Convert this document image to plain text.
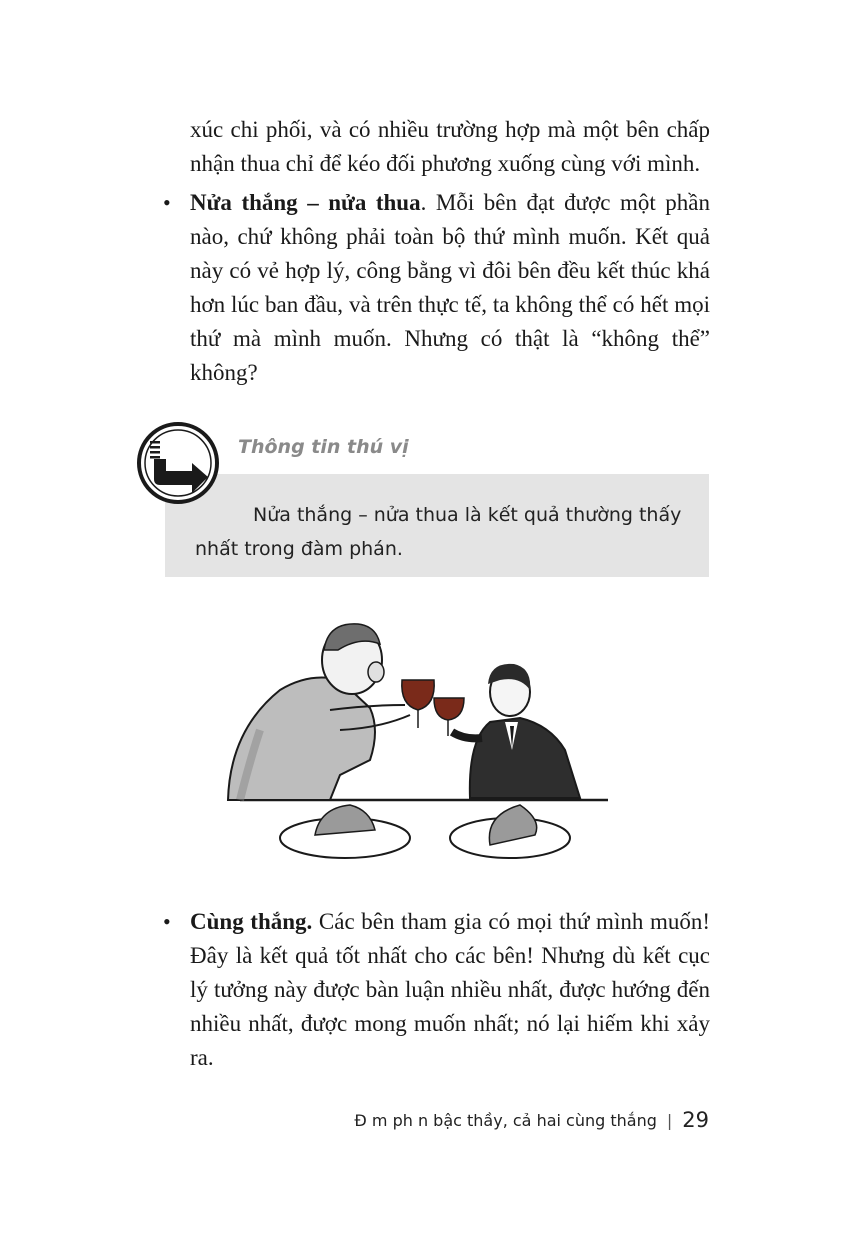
xúc chi phối, và có nhiều trường hợp mà một bên chấp nhận thua chỉ để kéo đối phương xuống cùng với mình.
• Nửa thắng – nửa thua. Mỗi bên đạt được một phần nào, chứ không phải toàn bộ thứ mình muốn. Kết quả này có vẻ hợp lý, công bằng vì đôi bên đều kết thúc khá hơn lúc ban đầu, và trên thực tế, ta không thể có hết mọi thứ mà mình muốn. Nhưng có thật là “không thể” không?
Thông tin thú vị
Nửa thắng – nửa thua là kết quả thường thấy nhất trong đàm phán.
• Cùng thắng. Các bên tham gia có mọi thứ mình muốn! Đây là kết quả tốt nhất cho các bên! Nhưng dù kết cục lý tưởng này được bàn luận nhiều nhất, được hướng đến nhiều nhất, được mong muốn nhất; nó lại hiếm khi xảy ra.
Đ m ph n bậc thầy, cả hai cùng thắng | 29
